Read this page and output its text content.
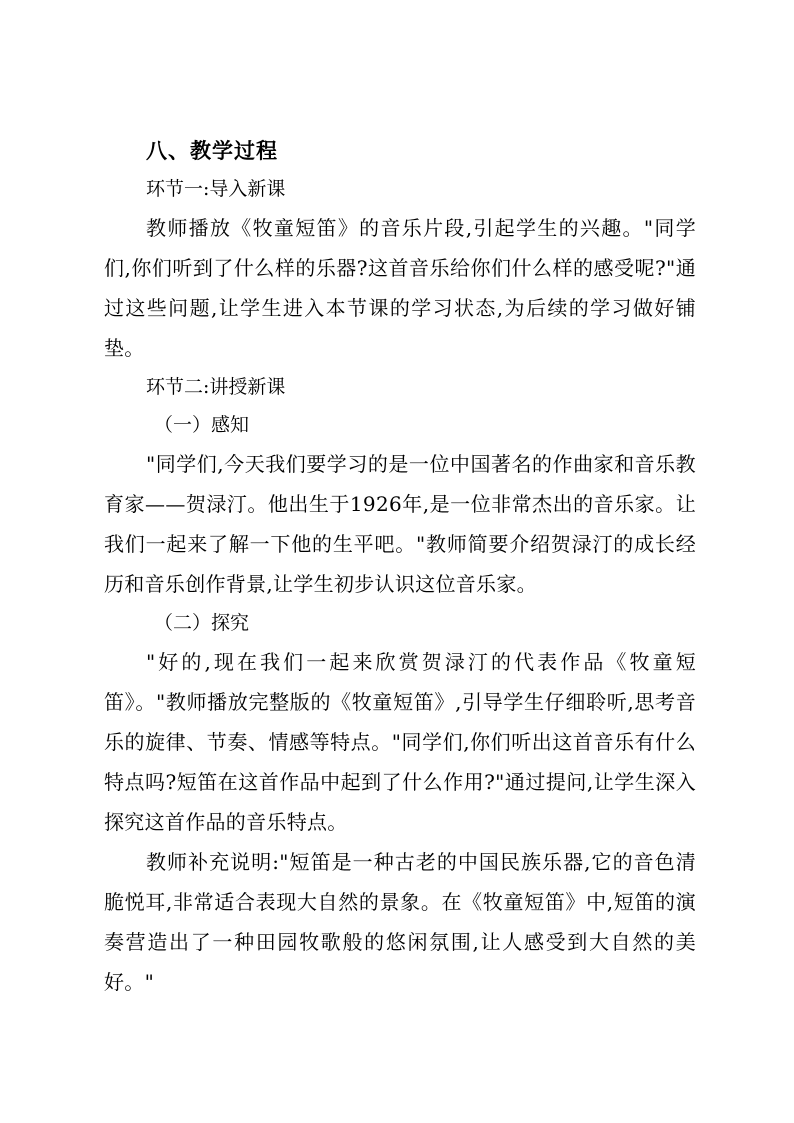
八、教学过程

环节一:导入新课

教师播放《牧童短笛》的音乐片段,引起学生的兴趣。"同学们,你们听到了什么样的乐器?这首音乐给你们什么样的感受呢?"通过这些问题,让学生进入本节课的学习状态,为后续的学习做好铺垫。

环节二:讲授新课

（一）感知

"同学们,今天我们要学习的是一位中国著名的作曲家和音乐教育家——贺渌汀。他出生于1926年,是一位非常杰出的音乐家。让我们一起来了解一下他的生平吧。"教师简要介绍贺渌汀的成长经历和音乐创作背景,让学生初步认识这位音乐家。

（二）探究

"好的,现在我们一起来欣赏贺渌汀的代表作品《牧童短笛》。"教师播放完整版的《牧童短笛》,引导学生仔细聆听,思考音乐的旋律、节奏、情感等特点。"同学们,你们听出这首音乐有什么特点吗?短笛在这首作品中起到了什么作用?"通过提问,让学生深入探究这首作品的音乐特点。

教师补充说明:"短笛是一种古老的中国民族乐器,它的音色清脆悦耳,非常适合表现大自然的景象。在《牧童短笛》中,短笛的演奏营造出了一种田园牧歌般的悠闲氛围,让人感受到大自然的美好。"
